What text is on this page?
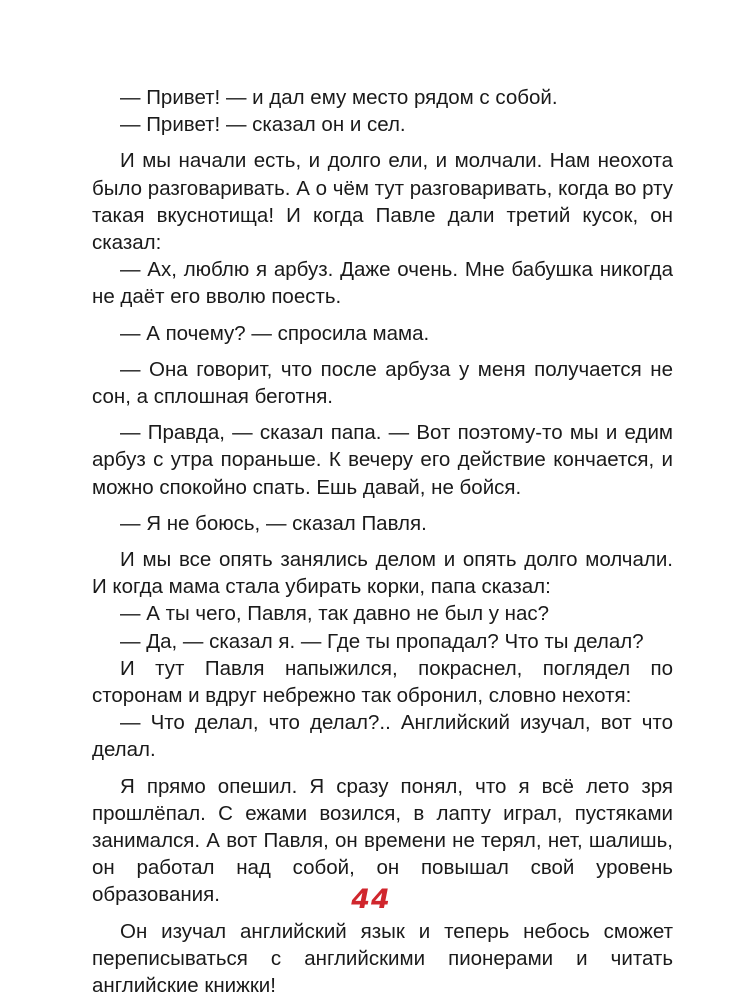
— Привет! — и дал ему место рядом с собой.

— Привет! — сказал он и сел.

И мы начали есть, и долго ели, и молчали. Нам неохота было разговаривать. А о чём тут разговаривать, когда во рту такая вкуснотища! И когда Павле дали третий кусок, он сказал:

— Ах, люблю я арбуз. Даже очень. Мне бабушка никогда не даёт его вволю поесть.

— А почему? — спросила мама.

— Она говорит, что после арбуза у меня получается не сон, а сплошная беготня.

— Правда, — сказал папа. — Вот поэтому-то мы и едим арбуз с утра пораньше. К вечеру его действие кончается, и можно спокойно спать. Ешь давай, не бойся.

— Я не боюсь, — сказал Павля.

И мы все опять занялись делом и опять долго молчали. И когда мама стала убирать корки, папа сказал:

— А ты чего, Павля, так давно не был у нас?

— Да, — сказал я. — Где ты пропадал? Что ты делал?

И тут Павля напыжился, покраснел, поглядел по сторонам и вдруг небрежно так обронил, словно нехотя:

— Что делал, что делал?.. Английский изучал, вот что делал.

Я прямо опешил. Я сразу понял, что я всё лето зря прошлёпал. С ежами возился, в лапту играл, пустяками занимался. А вот Павля, он времени не терял, нет, шалишь, он работал над собой, он повышал свой уровень образования.

Он изучал английский язык и теперь небось сможет переписываться с английскими пионерами и читать английские книжки!

44
